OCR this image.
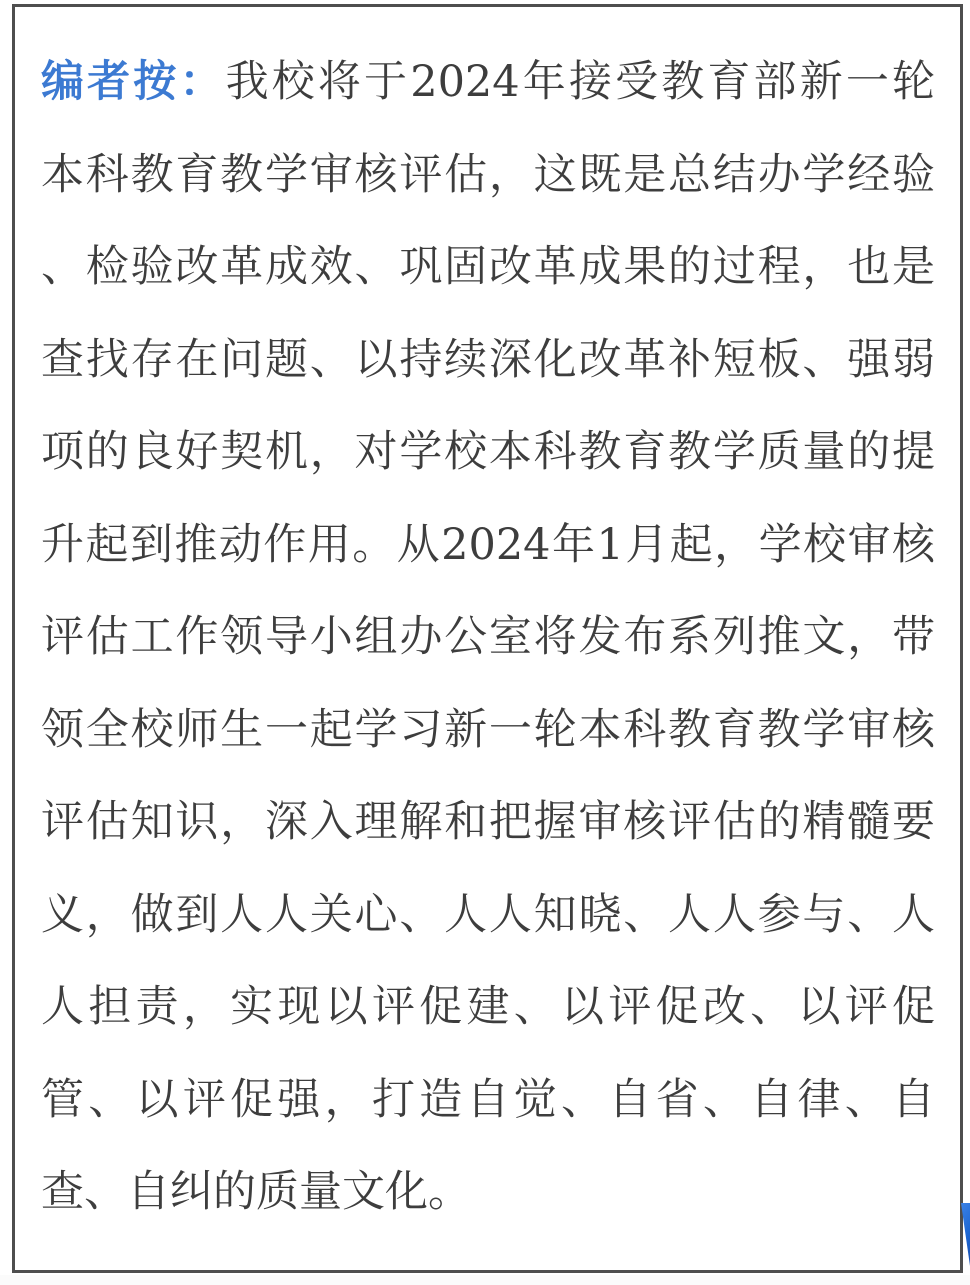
编者按：我校将于2024年接受教育部新一轮
本科教育教学审核评估，这既是总结办学经验
、检验改革成效、巩固改革成果的过程，也是
查找存在问题、以持续深化改革补短板、强弱
项的良好契机，对学校本科教育教学质量的提
升起到推动作用。从2024年1月起，学校审核
评估工作领导小组办公室将发布系列推文，带
领全校师生一起学习新一轮本科教育教学审核
评估知识，深入理解和把握审核评估的精髓要
义，做到人人关心、人人知晓、人人参与、人
人担责，实现以评促建、以评促改、以评促
管、以评促强，打造自觉、自省、自律、自
查、自纠的质量文化。
